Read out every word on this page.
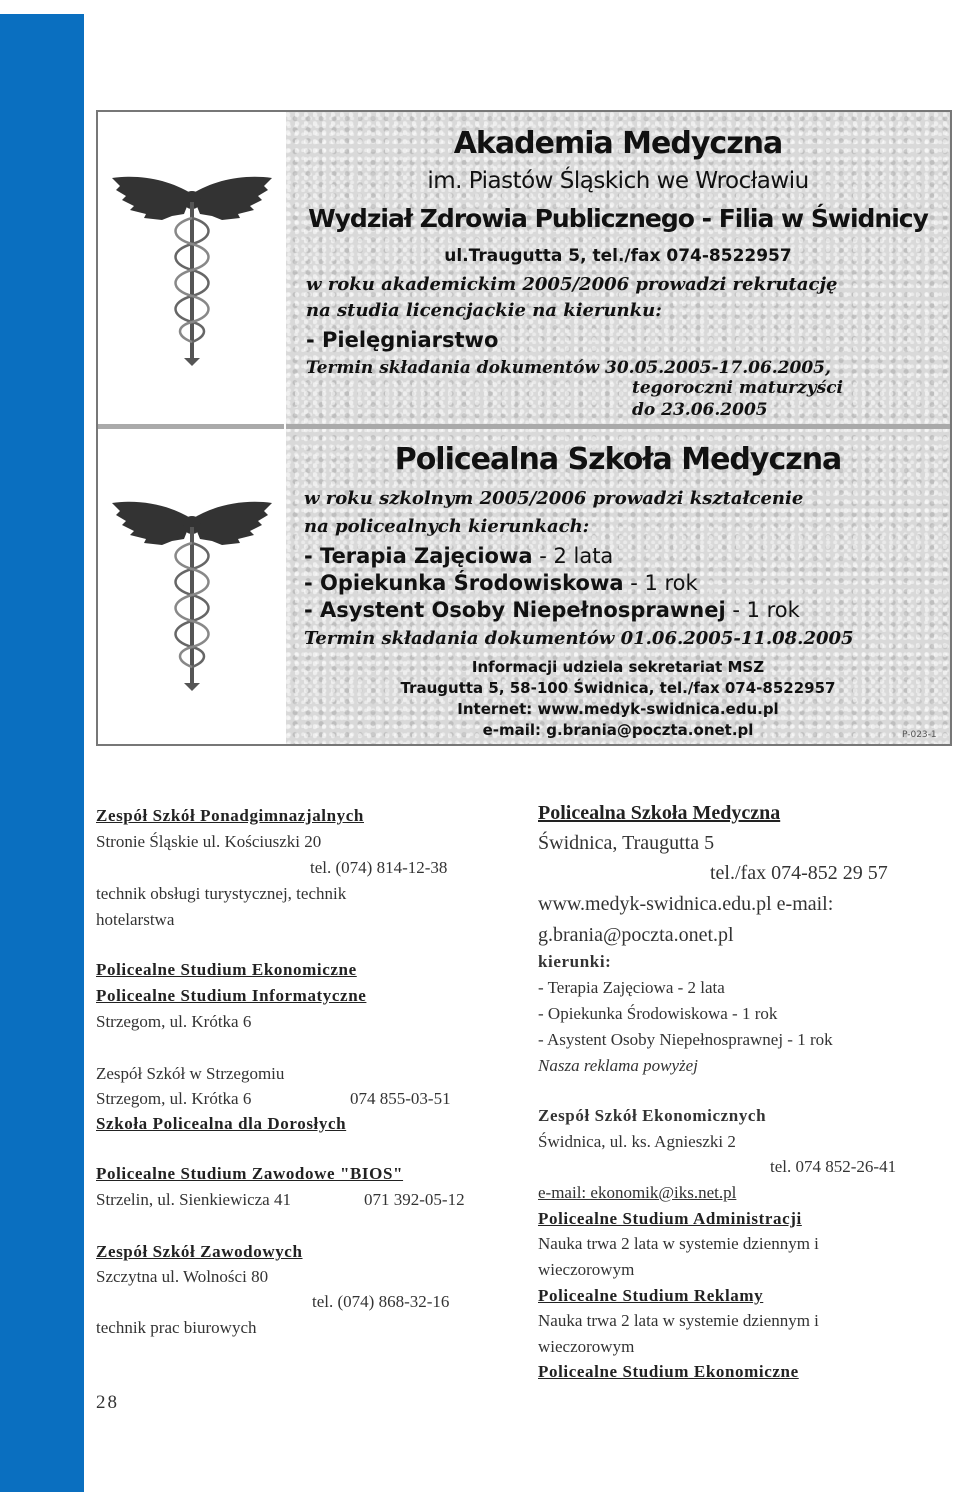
Akademia Medyczna
im. Piastów Śląskich we Wrocławiu
Wydział Zdrowia Publicznego - Filia w Świdnicy
ul.Traugutta 5, tel./fax 074-8522957
w roku akademickim 2005/2006 prowadzi rekrutację
na studia licencjackie na kierunku:
- Pielęgniarstwo
Termin składania dokumentów 30.05.2005-17.06.2005,
tegoroczni maturzyści
do 23.06.2005
Policealna Szkoła Medyczna
w roku szkolnym 2005/2006 prowadzi kształcenie
na policealnych kierunkach:
- Terapia Zajęciowa - 2 lata
- Opiekunka Środowiskowa - 1 rok
- Asystent Osoby Niepełnosprawnej - 1 rok
Termin składania dokumentów 01.06.2005-11.08.2005
Informacji udziela sekretariat MSZ
Traugutta 5, 58-100 Świdnica, tel./fax 074-8522957
Internet: www.medyk-swidnica.edu.pl
e-mail: g.brania@poczta.onet.pl	P-023-1
Zespół Szkół Ponadgimnazjalnych
Stronie Śląskie ul. Kościuszki 20
tel. (074) 814-12-38
technik obsługi turystycznej, technik
hotelarstwa
Policealne Studium Ekonomiczne
Policealne Studium Informatyczne
Strzegom, ul. Krótka 6
Zespół Szkół w Strzegomiu
Strzegom, ul. Krótka 6	074 855-03-51
Szkoła Policealna dla Dorosłych
Policealne Studium Zawodowe "BIOS"
Strzelin, ul. Sienkiewicza 41	071 392-05-12
Zespół Szkół Zawodowych
Szczytna ul. Wolności 80
tel. (074) 868-32-16
technik prac biurowych
Policealna Szkoła Medyczna
Świdnica, Traugutta 5
tel./fax 074-852 29 57
www.medyk-swidnica.edu.pl e-mail:
g.brania@poczta.onet.pl
kierunki:
- Terapia Zajęciowa - 2 lata
- Opiekunka Środowiskowa - 1 rok
- Asystent Osoby Niepełnosprawnej - 1 rok
Nasza reklama powyżej
Zespół Szkół Ekonomicznych
Świdnica, ul. ks. Agnieszki 2
tel. 074 852-26-41
e-mail: ekonomik@iks.net.pl
Policealne Studium Administracji
Nauka trwa 2 lata w systemie dziennym i
wieczorowym
Policealne Studium Reklamy
Nauka trwa 2 lata w systemie dziennym i
wieczorowym
Policealne Studium Ekonomiczne
28
